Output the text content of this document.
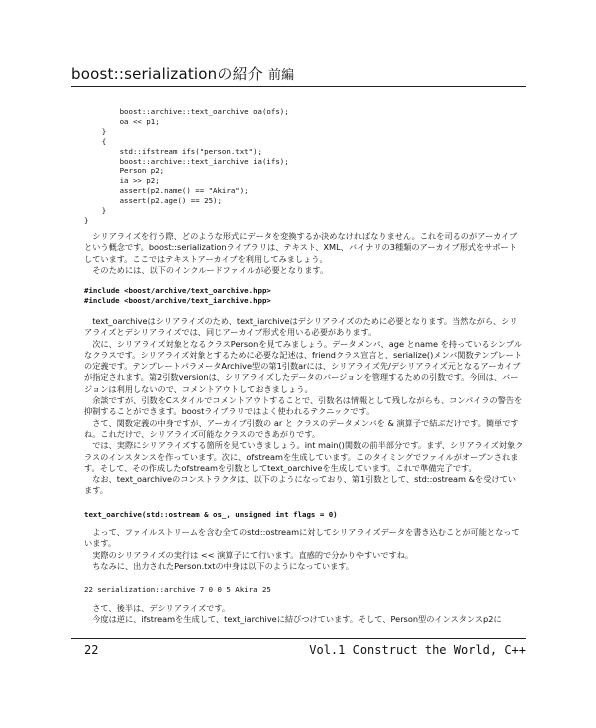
boost::serializationの紹介 前編
boost::archive::text_oarchive oa(ofs);
oa << p1;
}
{
std::ifstream ifs("person.txt");
boost::archive::text_iarchive ia(ifs);
Person p2;
ia >> p2;
assert(p2.name() == "Akira");
assert(p2.age() == 25);
}
}

　シリアライズを行う際、どのような形式にデータを変換するか決めなければなりません。これを司るのがアーカイブという概念です。boost::serializationライブラリは、テキスト、XML、バイナリの3種類のアーカイブ形式をサポートしています。ここではテキストアーカイブを利用してみましょう。

　そのためには、以下のインクルードファイルが必要となります。

#include <boost/archive/text_oarchive.hpp>
#include <boost/archive/text_iarchive.hpp>

　text_oarchiveはシリアライズのため、text_iarchiveはデシリアライズのために必要となります。当然ながら、シリアライズとデシリアライズでは、同じアーカイブ形式を用いる必要があります。

　次に、シリアライズ対象となるクラスPersonを見てみましょう。データメンバ、age とname を持っているシンプルなクラスです。シリアライズ対象とするために必要な記述は、friendクラス宣言と、serialize()メンバ関数テンプレートの定義です。テンプレートパラメータArchive型の第1引数arには、シリアライズ先/デシリアライズ元となるアーカイブが指定されます。第2引数versionは、シリアライズしたデータのバージョンを管理するための引数です。今回は、バージョンは利用しないので、コメントアウトしておきましょう。

　余談ですが、引数をCスタイルでコメントアウトすることで、引数名は情報として残しながらも、コンパイラの警告を抑制することができます。boostライブラリではよく使われるテクニックです。

　さて、関数定義の中身ですが、アーカイブ引数の ar と クラスのデータメンバを & 演算子で結ぶだけです。簡単ですね。これだけで、シリアライズ可能なクラスのできあがりです。

　では、実際にシリアライズする箇所を見ていきましょう。int main()関数の前半部分です。まず、シリアライズ対象クラスのインスタンスを作っています。次に、ofstreamを生成しています。このタイミングでファイルがオープンされます。そして、その作成したofstreamを引数としてtext_oarchiveを生成しています。これで準備完了です。

　なお、text_oarchiveのコンストラクタは、以下のようになっており、第1引数として、std::ostream &を受けています。

text_oarchive(std::ostream & os_, unsigned int flags = 0)

　よって、ファイルストリームを含む全てのstd::ostreamに対してシリアライズデータを書き込むことが可能となっています。

　実際のシリアライズの実行は << 演算子にて行います。直感的で分かりやすいですね。

　ちなみに、出力されたPerson.txtの中身は以下のようになっています。

22 serialization::archive 7 0 0 5 Akira 25

　さて、後半は、デシリアライズです。

　今度は逆に、ifstreamを生成して、text_iarchiveに結びつけています。そして、Person型のインスタンスp2に

22	Vol.1 Construct the World, C++
